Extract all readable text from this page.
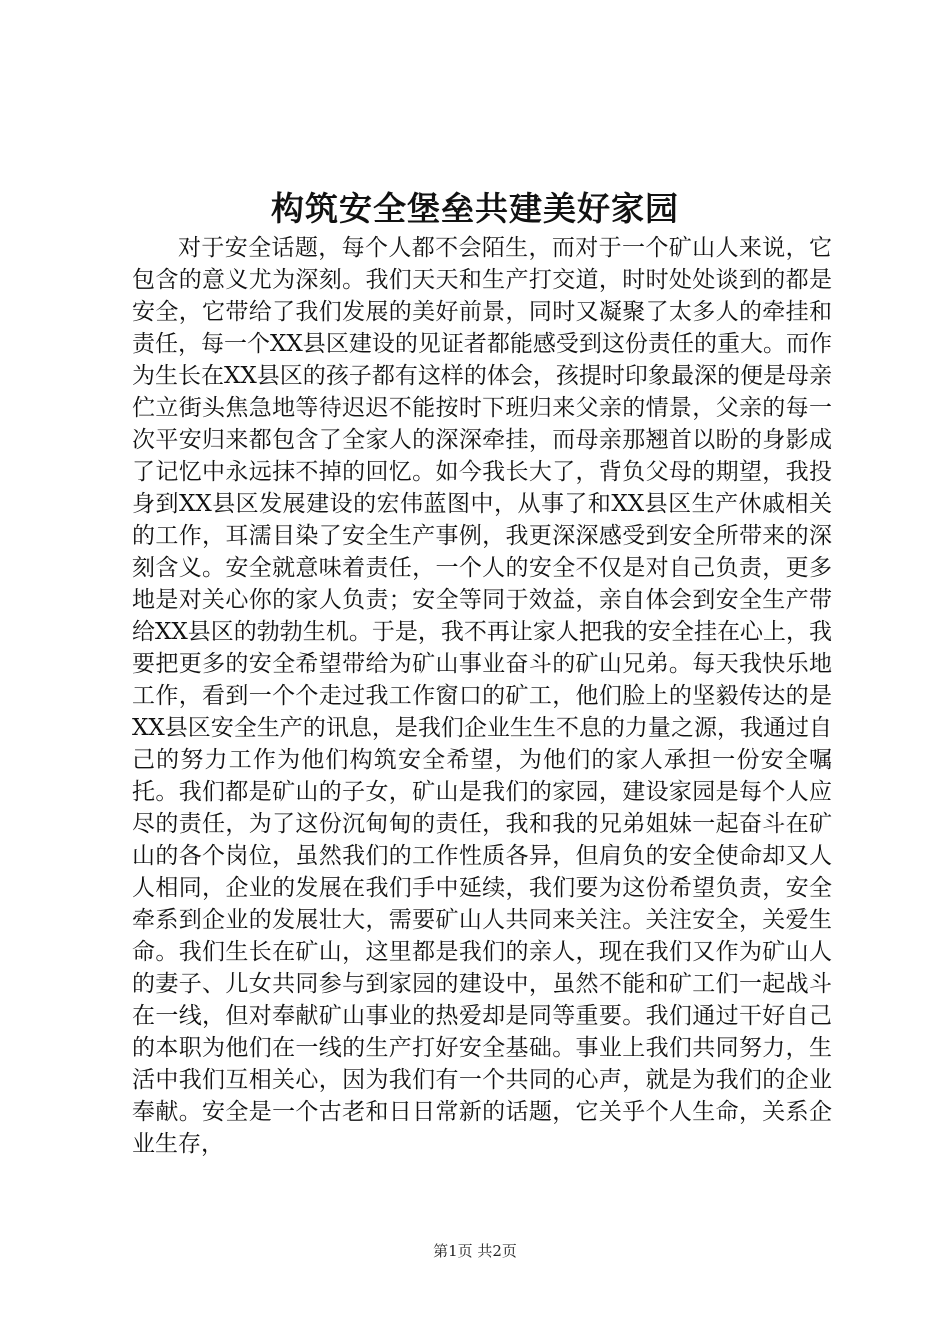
构筑安全堡垒共建美好家园

对于安全话题，每个人都不会陌生，而对于一个矿山人来说，它包含的意义尤为深刻。我们天天和生产打交道，时时处处谈到的都是安全，它带给了我们发展的美好前景，同时又凝聚了太多人的牵挂和责任，每一个XX县区建设的见证者都能感受到这份责任的重大。而作为生长在XX县区的孩子都有这样的体会，孩提时印象最深的便是母亲伫立街头焦急地等待迟迟不能按时下班归来父亲的情景，父亲的每一次平安归来都包含了全家人的深深牵挂，而母亲那翘首以盼的身影成了记忆中永远抹不掉的回忆。如今我长大了，背负父母的期望，我投身到XX县区发展建设的宏伟蓝图中，从事了和XX县区生产休戚相关的工作，耳濡目染了安全生产事例，我更深深感受到安全所带来的深刻含义。安全就意味着责任，一个人的安全不仅是对自己负责，更多地是对关心你的家人负责；安全等同于效益，亲自体会到安全生产带给XX县区的勃勃生机。于是，我不再让家人把我的安全挂在心上，我要把更多的安全希望带给为矿山事业奋斗的矿山兄弟。每天我快乐地工作，看到一个个走过我工作窗口的矿工，他们脸上的坚毅传达的是XX县区安全生产的讯息，是我们企业生生不息的力量之源，我通过自己的努力工作为他们构筑安全希望，为他们的家人承担一份安全嘱托。我们都是矿山的子女，矿山是我们的家园，建设家园是每个人应尽的责任，为了这份沉甸甸的责任，我和我的兄弟姐妹一起奋斗在矿山的各个岗位，虽然我们的工作性质各异，但肩负的安全使命却又人人相同，企业的发展在我们手中延续，我们要为这份希望负责，安全牵系到企业的发展壮大，需要矿山人共同来关注。关注安全，关爱生命。我们生长在矿山，这里都是我们的亲人，现在我们又作为矿山人的妻子、儿女共同参与到家园的建设中，虽然不能和矿工们一起战斗在一线，但对奉献矿山事业的热爱却是同等重要。我们通过干好自己的本职为他们在一线的生产打好安全基础。事业上我们共同努力，生活中我们互相关心，因为我们有一个共同的心声，就是为我们的企业奉献。安全是一个古老和日日常新的话题，它关乎个人生命，关系企业生存，

第1页 共2页
